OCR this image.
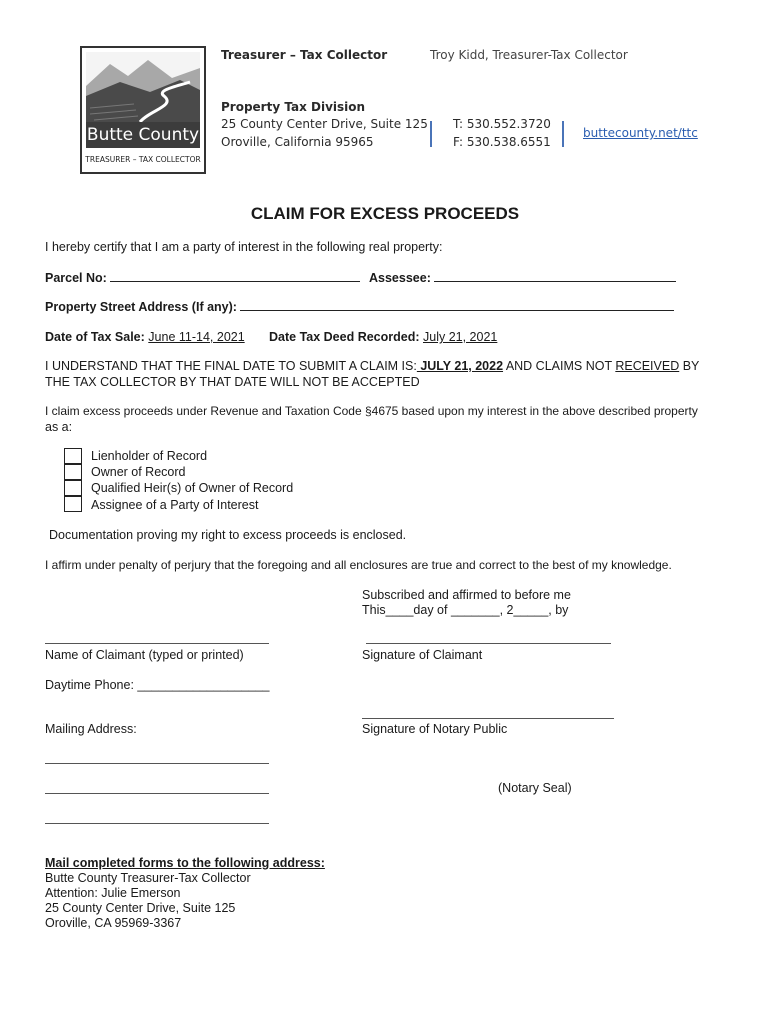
Butte County
TREASURER – TAX COLLECTOR
Treasurer – Tax Collector	Troy Kidd, Treasurer-Tax Collector
Property Tax Division
25 County Center Drive, Suite 125
Oroville, California 95965
T: 530.552.3720
F: 530.538.6551
buttecounty.net/ttc
CLAIM FOR EXCESS PROCEEDS
I hereby certify that I am a party of interest in the following real property:
Parcel No:	Assessee:
Property Street Address (If any):
Date of Tax Sale: June 11-14, 2021 Date Tax Deed Recorded: July 21, 2021
I UNDERSTAND THAT THE FINAL DATE TO SUBMIT A CLAIM IS: JULY 21, 2022 AND CLAIMS NOT RECEIVED BY
THE TAX COLLECTOR BY THAT DATE WILL NOT BE ACCEPTED
I claim excess proceeds under Revenue and Taxation Code §4675 based upon my interest in the above described property
as a:
Lienholder of Record
Owner of Record
Qualified Heir(s) of Owner of Record
Assignee of a Party of Interest
Documentation proving my right to excess proceeds is enclosed.
I affirm under penalty of perjury that the foregoing and all enclosures are true and correct to the best of my knowledge.
Subscribed and affirmed to before me
This____day of _______, 2_____, by
Name of Claimant (typed or printed)	Signature of Claimant
Daytime Phone: ___________________
Mailing Address:	Signature of Notary Public
(Notary Seal)
Mail completed forms to the following address:
Butte County Treasurer-Tax Collector
Attention: Julie Emerson
25 County Center Drive, Suite 125
Oroville, CA 95969-3367
